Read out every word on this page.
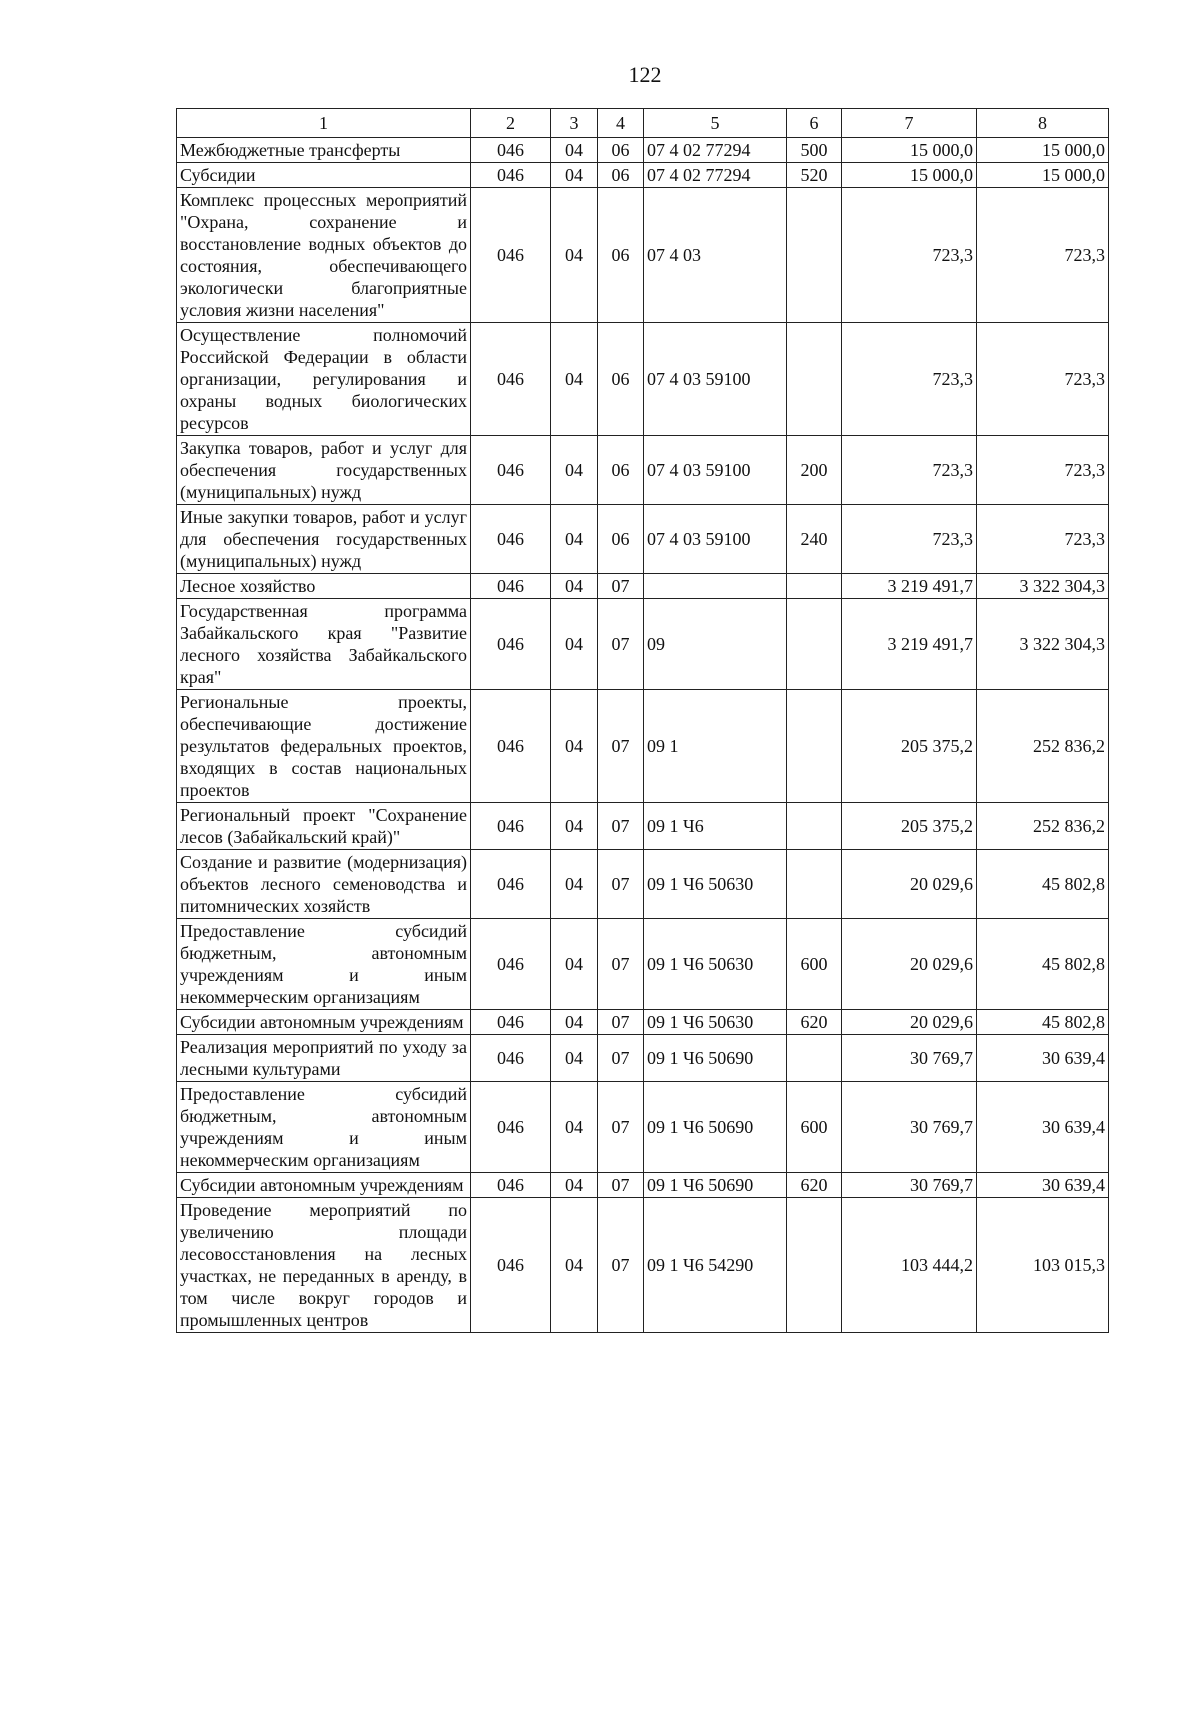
122
1	2	3	4	5	6	7	8
Межбюджетные трансферты	046	04	06	07 4 02 77294	500	15 000,0	15 000,0
Субсидии	046	04	06	07 4 02 77294	520	15 000,0	15 000,0
Комплекс процессных мероприятий "Охрана, сохранение и восстановление водных объектов до состояния, обеспечивающего экологически благоприятные условия жизни населения"	046	04	06	07 4 03		723,3	723,3
Осуществление полномочий Российской Федерации в области организации, регулирования и охраны водных биологических ресурсов	046	04	06	07 4 03 59100		723,3	723,3
Закупка товаров, работ и услуг для обеспечения государственных (муниципальных) нужд	046	04	06	07 4 03 59100	200	723,3	723,3
Иные закупки товаров, работ и услуг для обеспечения государственных (муниципальных) нужд	046	04	06	07 4 03 59100	240	723,3	723,3
Лесное хозяйство	046	04	07			3 219 491,7	3 322 304,3
Государственная программа Забайкальского края "Развитие лесного хозяйства Забайкальского края"	046	04	07	09		3 219 491,7	3 322 304,3
Региональные проекты, обеспечивающие достижение результатов федеральных проектов, входящих в состав национальных проектов	046	04	07	09 1		205 375,2	252 836,2
Региональный проект "Сохранение лесов (Забайкальский край)"	046	04	07	09 1 Ч6		205 375,2	252 836,2
Создание и развитие (модернизация) объектов лесного семеноводства и питомнических хозяйств	046	04	07	09 1 Ч6 50630		20 029,6	45 802,8
Предоставление субсидий бюджетным, автономным учреждениям и иным некоммерческим организациям	046	04	07	09 1 Ч6 50630	600	20 029,6	45 802,8
Субсидии автономным учреждениям	046	04	07	09 1 Ч6 50630	620	20 029,6	45 802,8
Реализация мероприятий по уходу за лесными культурами	046	04	07	09 1 Ч6 50690		30 769,7	30 639,4
Предоставление субсидий бюджетным, автономным учреждениям и иным некоммерческим организациям	046	04	07	09 1 Ч6 50690	600	30 769,7	30 639,4
Субсидии автономным учреждениям	046	04	07	09 1 Ч6 50690	620	30 769,7	30 639,4
Проведение мероприятий по увеличению площади лесовосстановления на лесных участках, не переданных в аренду, в том числе вокруг городов и промышленных центров	046	04	07	09 1 Ч6 54290		103 444,2	103 015,3
